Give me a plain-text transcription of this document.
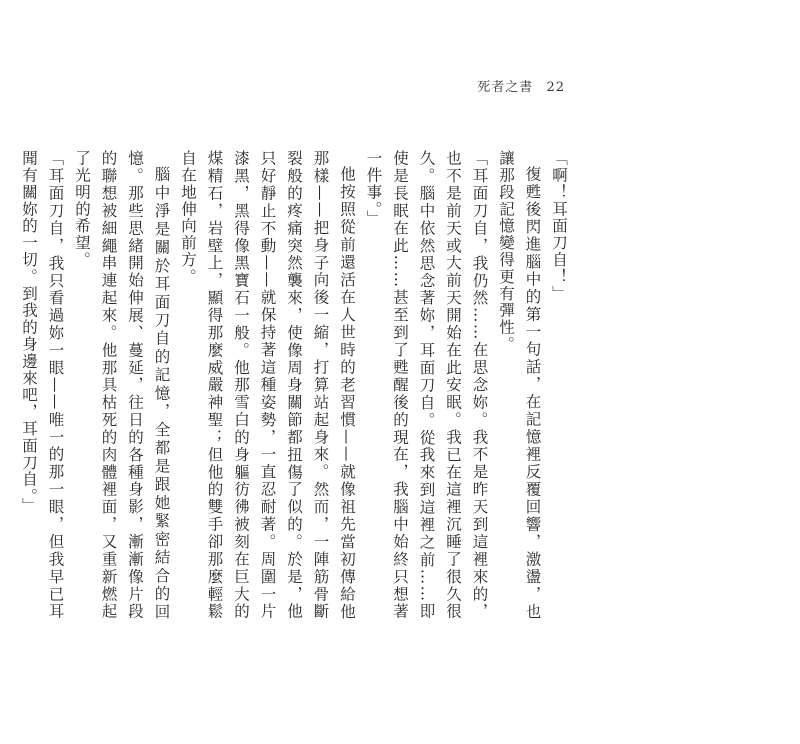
死者之書 22

「啊！耳面刀自！」

復甦後閃進腦中的第一句話，在記憶裡反覆回響，激盪，也讓那段記憶變得更有彈性。

「耳面刀自，我仍然……在思念妳。我不是昨天到這裡來的，也不是前天或大前天開始在此安眠。我已在這裡沉睡了很久很久。腦中依然思念著妳，耳面刀自。從我來到這裡之前……即使是長眠在此……甚至到了甦醒後的現在，我腦中始終只想著一件事。」

他按照從前還活在人世時的老習慣——就像祖先當初傳給他那樣——把身子向後一縮，打算站起身來。然而，一陣筋骨斷裂般的疼痛突然襲來，使像周身關節都扭傷了似的。於是，他只好靜止不動——就保持著這種姿勢，一直忍耐著。周圍一片漆黑，黑得像黑寶石一般。他那雪白的身軀彷彿被刻在巨大的煤精石，岩壁上，顯得那麼威嚴神聖；但他的雙手卻那麼輕鬆自在地伸向前方。

腦中淨是關於耳面刀自的記憶，全都是跟她緊密結合的回憶。那些思緒開始伸展、蔓延，往日的各種身影，漸漸像片段的聯想被細繩串連起來。他那具枯死的肉體裡面，又重新燃起了光明的希望。

「耳面刀自，我只看過妳一眼——唯一的那一眼，但我早已耳聞有關妳的一切。到我的身邊來吧，耳面刀自。」
